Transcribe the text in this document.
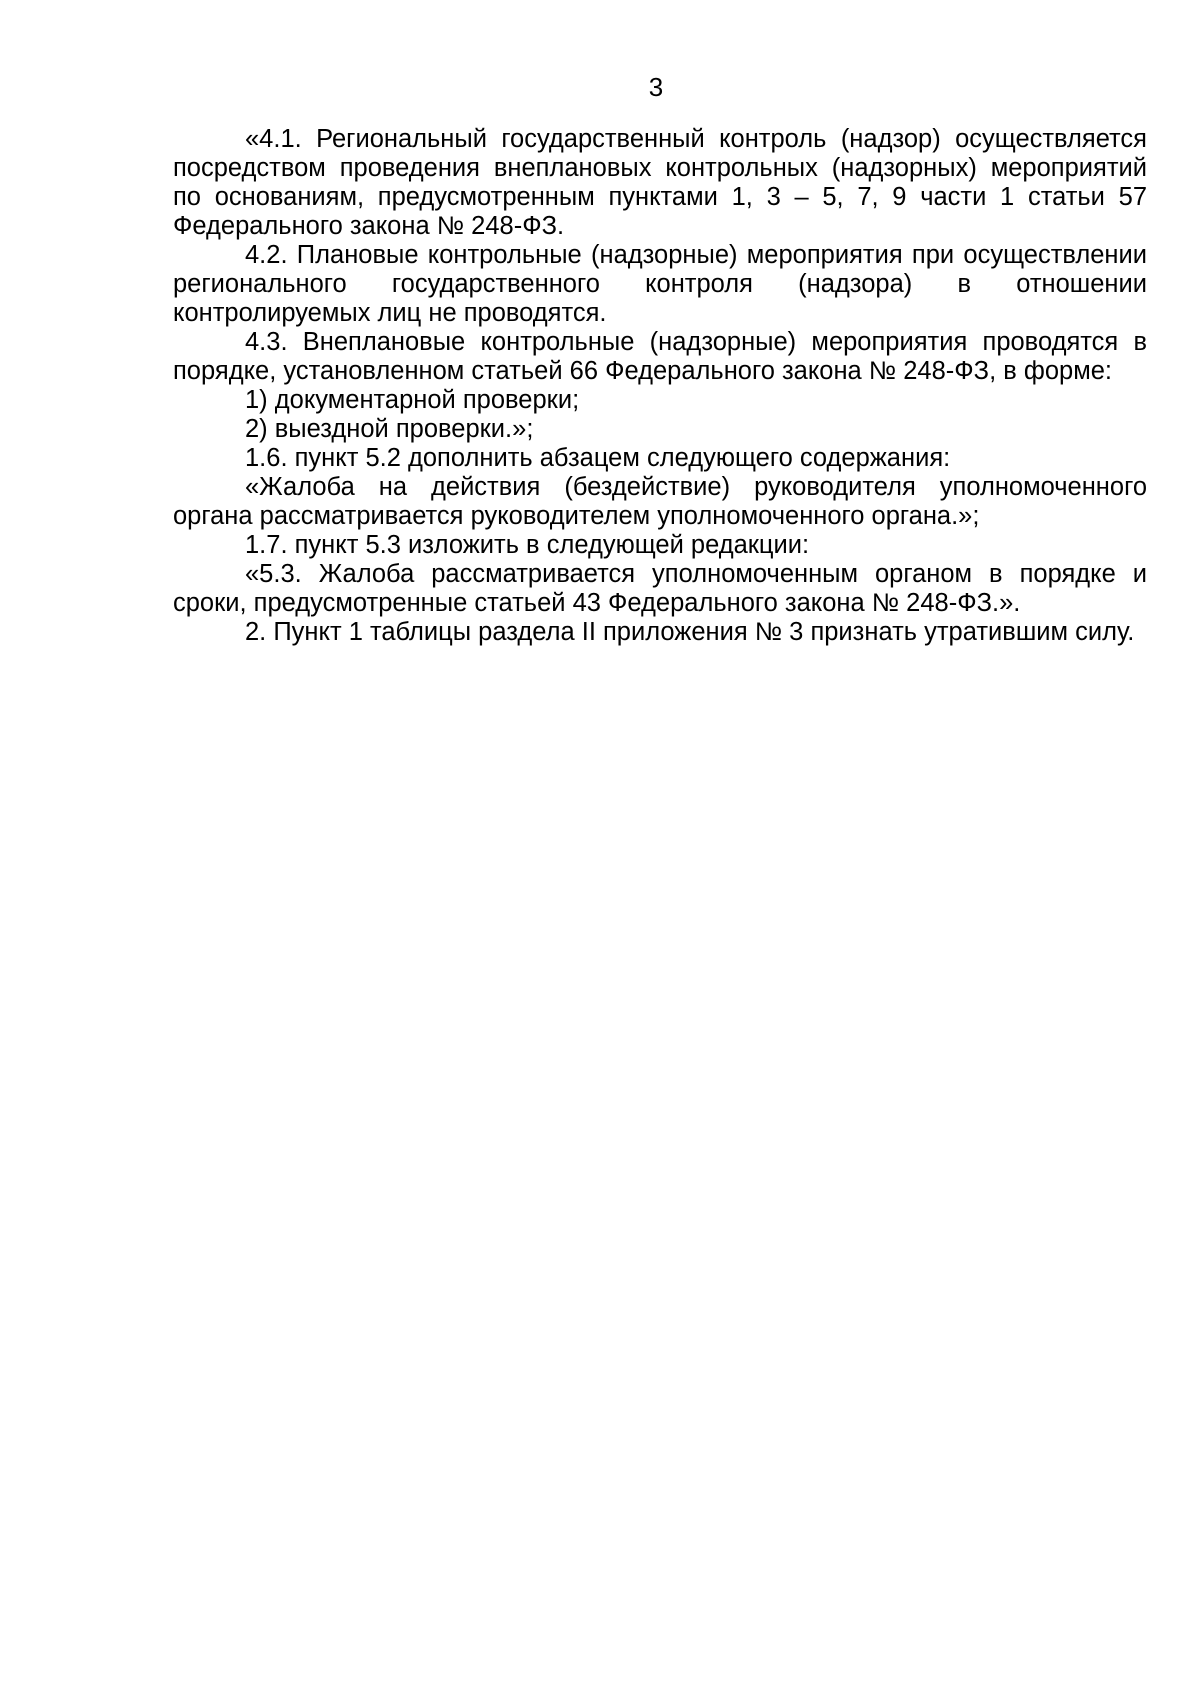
3

«4.1. Региональный государственный контроль (надзор) осуществляется посредством проведения внеплановых контрольных (надзорных) мероприятий по основаниям, предусмотренным пунктами 1, 3 – 5, 7, 9 части 1 статьи 57 Федерального закона № 248-ФЗ.

4.2. Плановые контрольные (надзорные) мероприятия при осуществлении регионального государственного контроля (надзора) в отношении контролируемых лиц не проводятся.

4.3. Внеплановые контрольные (надзорные) мероприятия проводятся в порядке, установленном статьей 66 Федерального закона № 248-ФЗ, в форме:

1) документарной проверки;

2) выездной проверки.»;

1.6. пункт 5.2 дополнить абзацем следующего содержания:

«Жалоба на действия (бездействие) руководителя уполномоченного органа рассматривается руководителем уполномоченного органа.»;

1.7. пункт 5.3 изложить в следующей редакции:

«5.3. Жалоба рассматривается уполномоченным органом в порядке и сроки, предусмотренные статьей 43 Федерального закона № 248-ФЗ.».

2. Пункт 1 таблицы раздела II приложения № 3 признать утратившим силу.
